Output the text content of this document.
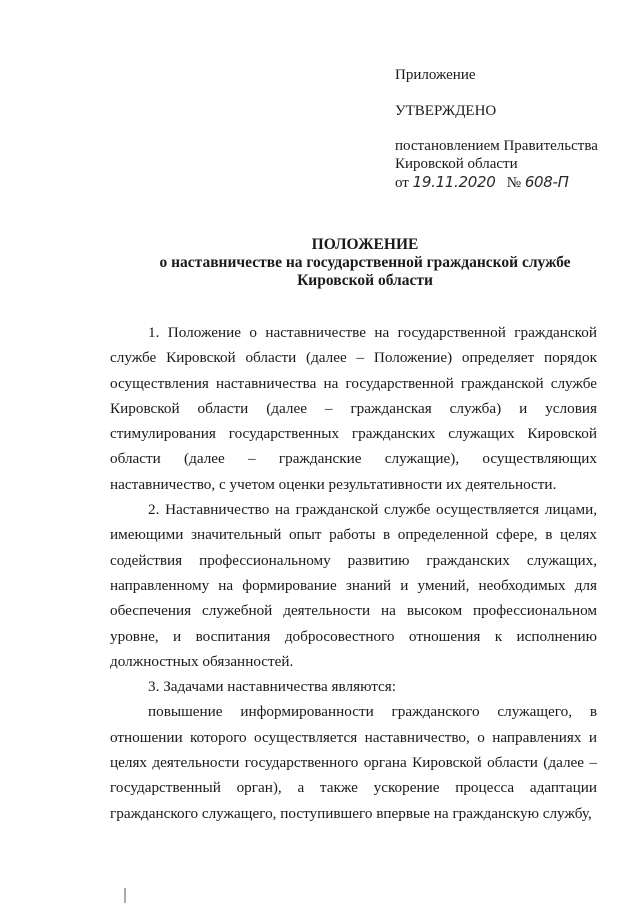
Приложение
УТВЕРЖДЕНО
постановлением Правительства
Кировской области
от 19.11.2020 № 608-П
ПОЛОЖЕНИЕ
о наставничестве на государственной гражданской службе
Кировской области

1. Положение о наставничестве на государственной гражданской службе Кировской области (далее – Положение) определяет порядок осуществления наставничества на государственной гражданской службе Кировской области (далее – гражданская служба) и условия стимулирования государственных гражданских служащих Кировской области (далее – гражданские служащие), осуществляющих наставничество, с учетом оценки результативности их деятельности.

2. Наставничество на гражданской службе осуществляется лицами, имеющими значительный опыт работы в определенной сфере, в целях содействия профессиональному развитию гражданских служащих, направленному на формирование знаний и умений, необходимых для обеспечения служебной деятельности на высоком профессиональном уровне, и воспитания добросовестного отношения к исполнению должностных обязанностей.

3. Задачами наставничества являются:

повышение информированности гражданского служащего, в отношении которого осуществляется наставничество, о направлениях и целях деятельности государственного органа Кировской области (далее – государственный орган), а также ускорение процесса адаптации гражданского служащего, поступившего впервые на гражданскую службу,
